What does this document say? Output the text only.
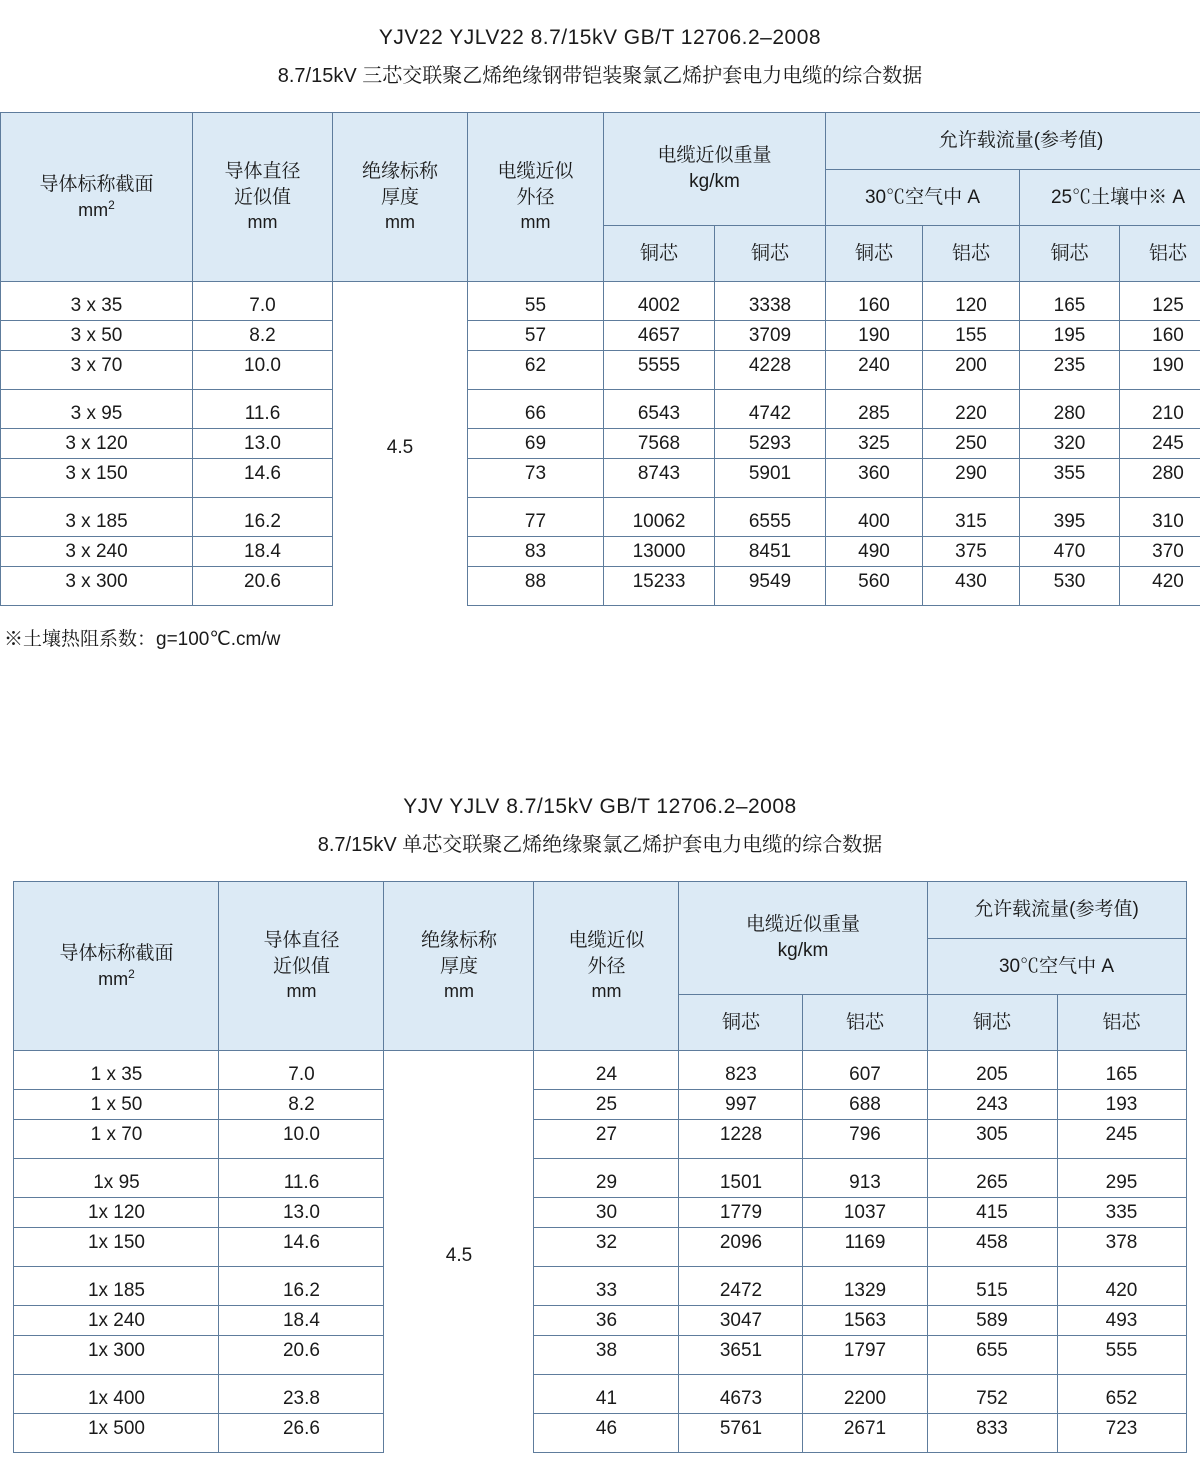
YJV22 YJLV22 8.7/15kV GB/T 12706.2–2008
8.7/15kV 三芯交联聚乙烯绝缘钢带铠装聚氯乙烯护套电力电缆的综合数据
导体标称截面
$mm^2$

导体直径
近似值
mm

绝缘标称
厚度
mm

电缆近似
外径
mm

电缆近似重量
kg/km
	允许载流量(参考值)
						30℃空气中 A		25℃土壤中※ A	
				铜芯	铜芯	铜芯	铝芯	铜芯	铝芯
3 x 35	7.0	4.5	55	4002	3338	160	120	165	125
3 x 50	8.2		57	4657	3709	190	155	195	160
3 x 70	10.0		62	5555	4228	240	200	235	190
3 x 95	11.6		66	6543	4742	285	220	280	210
3 x 120	13.0		69	7568	5293	325	250	320	245
3 x 150	14.6		73	8743	5901	360	290	355	280
3 x 185	16.2		77	10062	6555	400	315	395	310
3 x 240	18.4		83	13000	8451	490	375	470	370
3 x 300	20.6		88	15233	9549	560	430	530	420
※土壤热阻系数：g=100℃.cm/w
YJV YJLV 8.7/15kV GB/T 12706.2–2008
8.7/15kV 单芯交联聚乙烯绝缘聚氯乙烯护套电力电缆的综合数据
导体标称截面
$mm^2$

导体直径
近似值
mm

绝缘标称
厚度
mm

电缆近似
外径
mm

电缆近似重量
kg/km
	允许载流量(参考值)
						30℃空气中 A	
				铜芯	铝芯	铜芯	铝芯
1 x 35	7.0	4.5	24	823	607	205	165
1 x 50	8.2		25	997	688	243	193
1 x 70	10.0		27	1228	796	305	245
1x 95	11.6		29	1501	913	265	295
1x 120	13.0		30	1779	1037	415	335
1x 150	14.6		32	2096	1169	458	378
1x 185	16.2		33	2472	1329	515	420
1x 240	18.4		36	3047	1563	589	493
1x 300	20.6		38	3651	1797	655	555
1x 400	23.8		41	4673	2200	752	652
1x 500	26.6		46	5761	2671	833	723
